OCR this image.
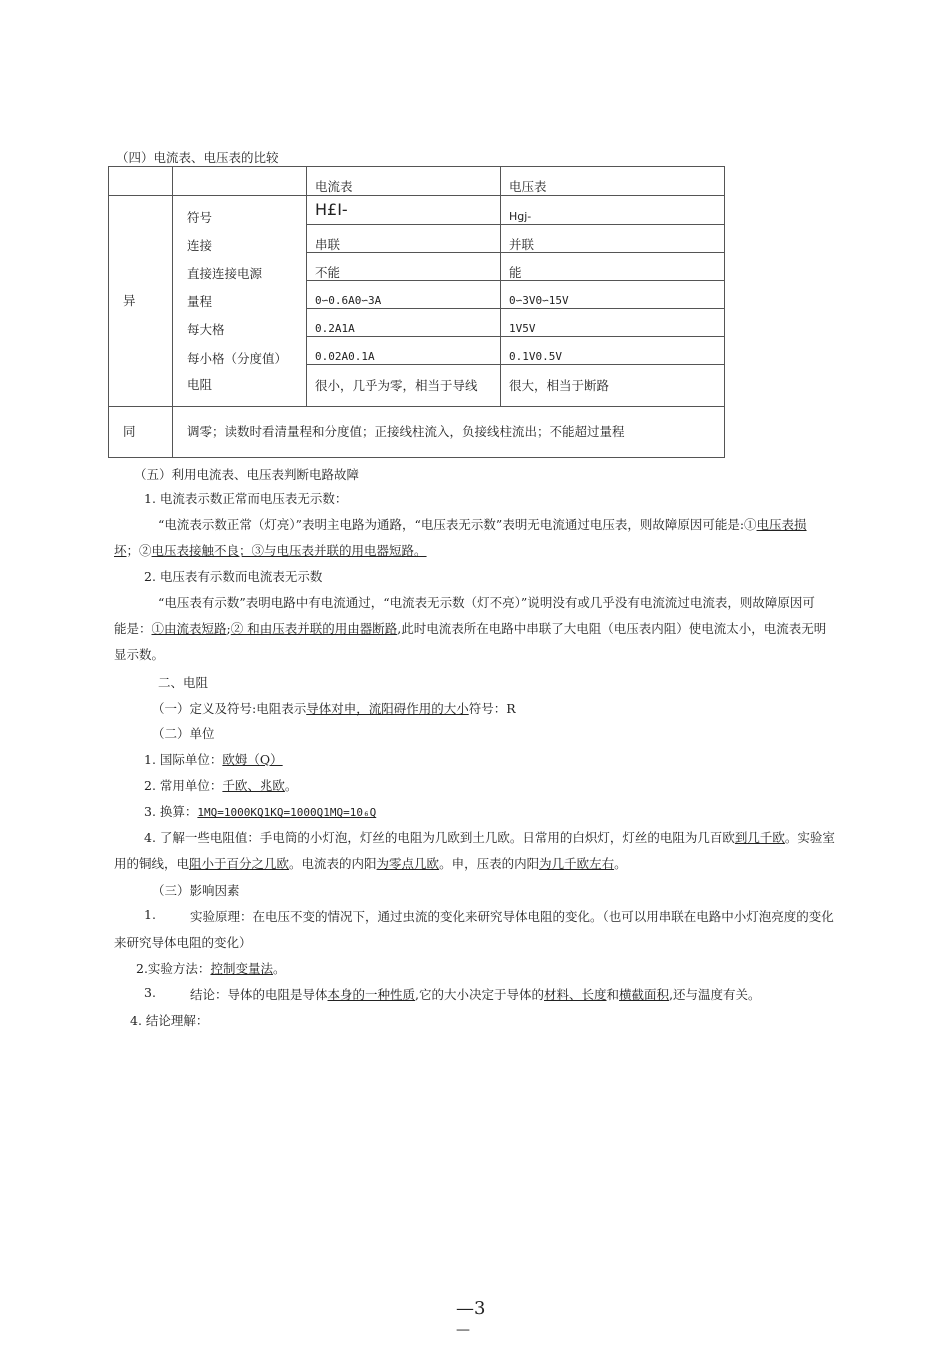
（四）电流表、电压表的比较
		电流表	电压表
异	符号	H£I-	Hgj-
	连接	串联	并联
	直接连接电源	不能	能
	量程	0∽0.6A0∽3A	0∽3V0∽15V
	每大格	0.2A1A	1V5V
	每小格（分度值）	0.02A0.1A	0.1V0.5V
	电阻	很小，几乎为零，相当于导线	很大，相当于断路
同	调零；读数时看清量程和分度值；正接线柱流入，负接线柱流出；不能超过量程		
（五）利用电流表、电压表判断电路故障
1. 电流表示数正常而电压表无示数：
“电流表示数正常（灯亮）”表明主电路为通路，“电压表无示数”表明无电流通过电压表，则故障原因可能是:①电压表损
坏；②电压表接触不良；③与电压表并联的用电器短路。
2. 电压表有示数而电流表无示数
“电压表有示数”表明电路中有电流通过，“电流表无示数（灯不亮）”说明没有或几乎没有电流流过电流表，则故障原因可
能是：①由流表短路;② 和由压表并联的用由器断路,此时电流表所在电路中串联了大电阻（电压表内阻）使电流太小，电流表无明
显示数。
二、电阻
（一）定义及符号:电阻表示导体对申，流阳碍作用的大小符号：R
（二）单位
1. 国际单位：欧姆（Q）
2. 常用单位：千欧、兆欧。
3. 换算：1MQ=1000KQ1KQ=1000Q1MQ=10₆Q
4. 了解一些电阻值：手电筒的小灯泡，灯丝的电阻为几欧到土几欧。日常用的白炽灯，灯丝的电阻为几百欧到几千欧。实验室
用的铜线，电阻小于百分之几欧。电流表的内阳为零点几欧。申，压表的内阳为几千欧左右。
（三）影响因素
1.	实验原理：在电压不变的情况下，通过虫流的变化来研究导体电阻的变化。（也可以用串联在电路中小灯泡亮度的变化
来研究导体电阻的变化）
2.实验方法：控制变量法。
3.	结论：导体的电阻是导体本身的一种性质,它的大小决定于导体的材料、长度和横截面积,还与温度有关。
4. 结论理解：
—3
—
